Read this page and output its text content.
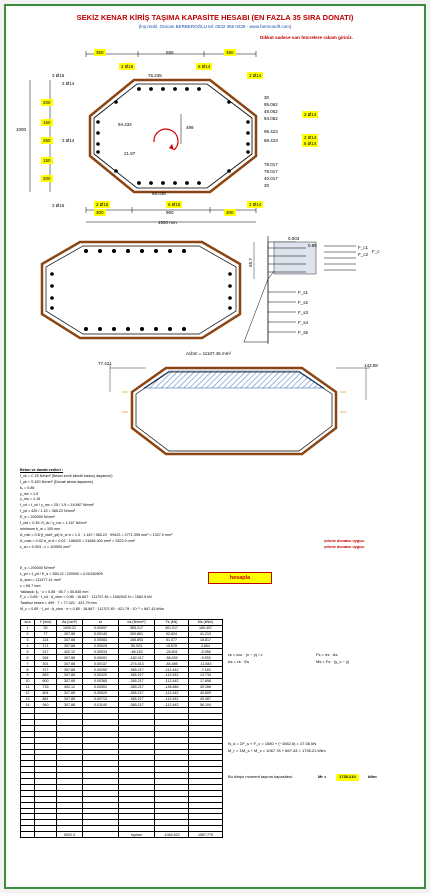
SEKİZ KENAR KİRİŞ TAŞIMA KAPASİTE HESABI (EN FAZLA 35 SIRA DONATI)
(İnş.mühl. Gürcan BERBEROĞLU tel: 0532 366 0238 - www.hermosoft.com)
Dikkat sadece sarı hücrelere rakam giriniz.
350	650	350
2 Ø16	6 Ø14
3 Ø14
76.235
94.434
21.97
68.038
499
1000
200
150
250
150
200
3 Ø16
2 Ø14
2 Ø14
2 Ø16
30
95.062
48.052
94.052
95.423
88.423
79.017
79.017
40.017
30
2 Ø14
2 Ø14
6 Ø14
2 Ø16	6 Ø16	2 Ø14
300	950	300
1550 mm
0.003
0.85
65.7
F_c1
F_c2
F_c
F_s1
F_s2
F_s3
F_s4
F_s5
Acbm = 11107.45 mm²
77.421	143.08
Beton ve donatı verileri :
f_ck = C 25 N/mm² (Beton sınıfı silindir basınç dayanımı)
f_yk = S 420 N/mm² (Donatı akma dayanımı)
k₁ = 0.85
γ_mc = 1.5
γ_ms = 1.15
f_cd = f_ck / γ_mc = 25 / 1.5 = 16.667 N/mm²
f_yd = 420 / 1.15 = 365.22 N/mm²
E_s = 200000 N/mm²
f_ctd = 0.35·√f_ck / γ_mc = 1.167 N/mm²
minimum b_w = 100 mm
A_min = 0.8·(f_ctd/f_yd)·b_w·d = 1.0 · 1.167 / 365.22 · 99423 = 2771.395 mm² > 1327.0 mm²
A_max = 0.02·b_w·d = 0.02 · 108420 = 21684.400 mm² > 3322.9 mm²
ε_cu = 0.003 ; c = 110500 mm²
çekme donatısı uygun.
çekme donatısı uygun.
E_s = 200000 N/mm²
ε_yd = f_yd / E_s = 365.22 / 200000 = 0.00182609
Δ_sum = 111477.41 mm²
c = 65.7 mm
Yaklaşık: k₁ · c = 0.85 · 65.7 = 55.845 mm
F_c = 0.85 · f_cd · A_cbm = 0.85 · 16.667 · 111707.45 = 1582542 N = 1582.5 kN
Tarafsız eksen = 499 · 7 = 77.421 · 421.79 mm
M_c = 0.85 · f_cd · A_cbm · e = 0.85 · 16.667 · 111707.45 · 421.79 · 10⁻⁶ = 667.43 kNm
hesapla
sıra	Y (mm)	As (mm²)	εs	σs (N/mm²)	Fs (kN)	Ms (kNm)
1	30	1005.31	0.00097	365.217	401.017	169.497
2	77	307.88	0.00140	300.861	92.624	41.213
3	124	307.88	0.00083	165.893	51.077	18.817
4	171	307.88	0.00025	50.923	15.678	4.664
5	217	402.12	0.00033	-66.152	-26.601	-5.958
6	264	307.88	0.00091	-182.017	-56.039	-9.933
7	301	307.88	0.00137	-274.413	-84.485	-11.843
8	377	307.88	0.00252	-365.217	-112.442	-7.183
9	563	307.88	0.00320	-365.217	-112.442	13.734
10	600	307.88	0.00365	-365.217	-112.442	17.898
11	715	402.12	0.00502	-365.217	-146.860	40.266
12	804	307.88	0.00620	-365.217	-112.442	40.809
13	881	307.88	0.00713	-365.217	-112.442	49.467
14	940	307.88	0.01140	-365.217	-112.442	56.104

		5002.3		toplam	-1062.622	1067.779
εs = εcu · (c − y) / c
σs = εs · Es
Fs = σs · As
Ms = Fs · (y_c − y)
N_d = ΣF_s + F_c = 1580 + (−1062.6) = 27.06 kN
M_r = ΣM_s + M_c = 1067.78 + 667.43 = 1735.21 kNm
Bu kirişin moment taşıma kapasitesi:	Mr =	1735.210	kNm
